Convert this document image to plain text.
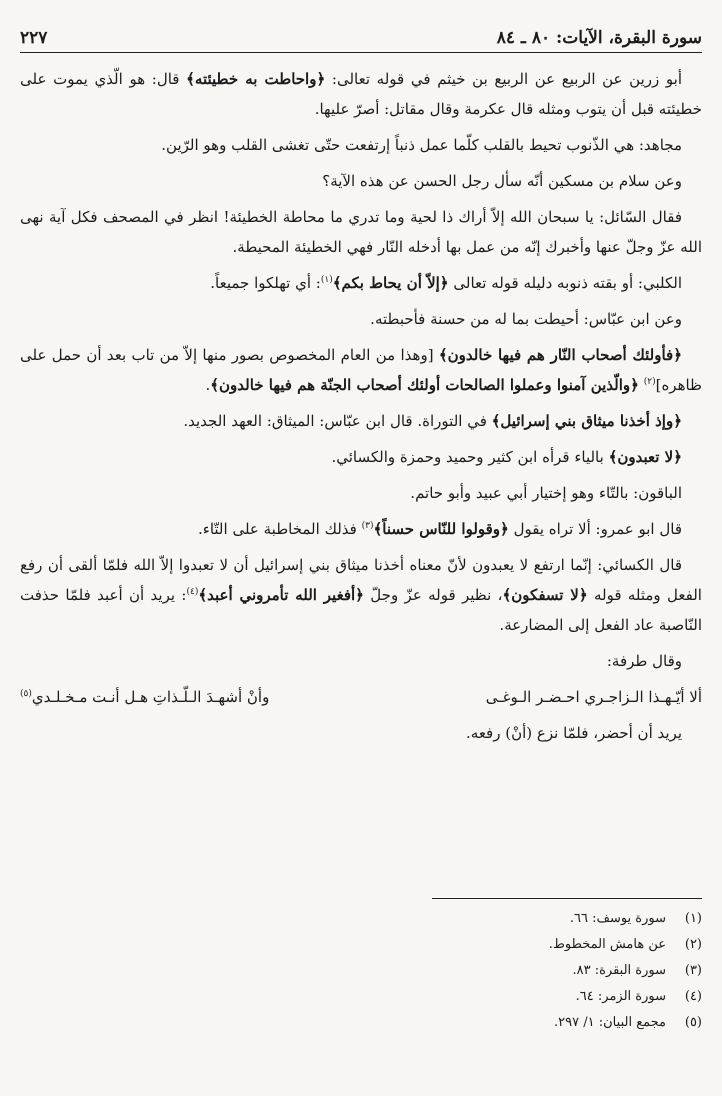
سورة البقرة، الآيات: ٨٠ ـ ٨٤
٢٢٧

أبو زرين عن الربيع عن الربيع بن خيثم في قوله تعالى: ﴿واحاطت به خطيئته﴾ قال: هو الّذي يموت على خطيئته قبل أن يتوب ومثله قال عكرمة وقال مقاتل: أصرّ عليها.

مجاهد: هي الذّنوب تحيط بالقلب كلّما عمل ذنباً إرتفعت حتّى تغشى القلب وهو الرّين.

وعن سلام بن مسكين أنّه سأل رجل الحسن عن هذه الآية؟

فقال السّائل: يا سبحان الله إلاّ أراك ذا لحية وما تدري ما محاطة الخطيئة! انظر في المصحف فكل آية نهى الله عزّ وجلّ عنها وأخبرك إنّه من عمل بها أدخله النّار فهي الخطيئة المحيطة.

الكلبي: أو بقته ذنوبه دليله قوله تعالى ﴿إلاّ أن يحاط بكم﴾$^{(١)}$: أي تهلكوا جميعاً.

وعن ابن عبّاس: أحيطت بما له من حسنة فأحبطته.

﴿فأولئك أصحاب النّار هم فيها خالدون﴾ [وهذا من العام المخصوص بصور منها إلاّ من تاب بعد أن حمل على ظاهره]$^{(٢)}$ ﴿والّذين آمنوا وعملوا الصالحات أولئك أصحاب الجنّة هم فيها خالدون﴾.

﴿وإذ أخذنا ميثاق بني إسرائيل﴾ في التوراة. قال ابن عبّاس: الميثاق: العهد الجديد.

﴿لا تعبدون﴾ بالياء قرأه ابن كثير وحميد وحمزة والكسائي.

الباقون: بالتّاء وهو إختيار أبي عبيد وأبو حاتم.

قال ابو عمرو: ألا تراه يقول ﴿وقولوا للنّاس حسناً﴾$^{(٣)}$ فذلك المخاطبة على التّاء.

قال الكسائي: إنّما ارتفع لا يعبدون لأنّ معناه أخذنا ميثاق بني إسرائيل أن لا تعبدوا إلاّ الله فلمّا ألقى أن رفع الفعل ومثله قوله ﴿لا تسفكون﴾، نظير قوله عزّ وجلّ ﴿أفغير الله تأمروني أعبد﴾$^{(٤)}$: يريد أن أعبد فلمّا حذفت النّاصبة عاد الفعل إلى المضارعة.

وقال طرفة:

ألا أيّـهـذا الـزاجـري احـضـر الـوغـى
وأنْ أشهـدَ الـلّـذاتِ هـل أنـت مـخـلـدي$^{(٥)}$

يريد أن أحضر، فلمّا نزع (أنْ) رفعه.

(١)
سورة يوسف: ٦٦.
(٢)
عن هامش المخطوط.
(٣)
سورة البقرة: ٨٣.
(٤)
سورة الزمر: ٦٤.
(٥)
مجمع البيان: ١/ ٢٩٧.
